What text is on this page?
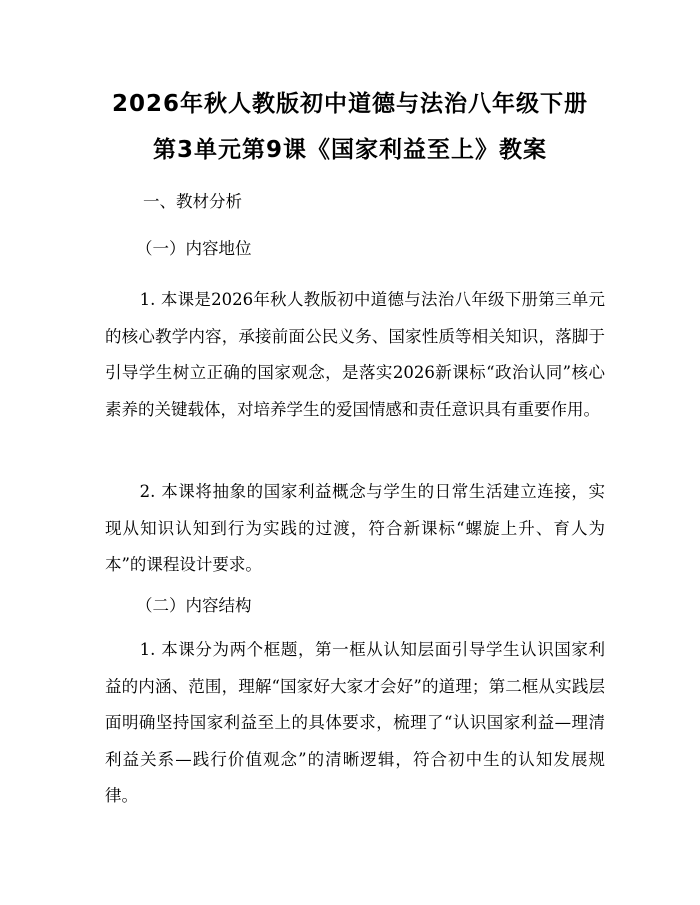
2026年秋人教版初中道德与法治八年级下册
第3单元第9课《国家利益至上》教案
一、教材分析
（一）内容地位

1. 本课是2026年秋人教版初中道德与法治八年级下册第三单元的核心教学内容，承接前面公民义务、国家性质等相关知识，落脚于引导学生树立正确的国家观念，是落实2026新课标“政治认同”核心素养的关键载体，对培养学生的爱国情感和责任意识具有重要作用。

2. 本课将抽象的国家利益概念与学生的日常生活建立连接，实现从知识认知到行为实践的过渡，符合新课标“螺旋上升、育人为本”的课程设计要求。

（二）内容结构

1. 本课分为两个框题，第一框从认知层面引导学生认识国家利益的内涵、范围，理解“国家好大家才会好”的道理；第二框从实践层面明确坚持国家利益至上的具体要求，梳理了“认识国家利益—理清利益关系—践行价值观念”的清晰逻辑，符合初中生的认知发展规律。
